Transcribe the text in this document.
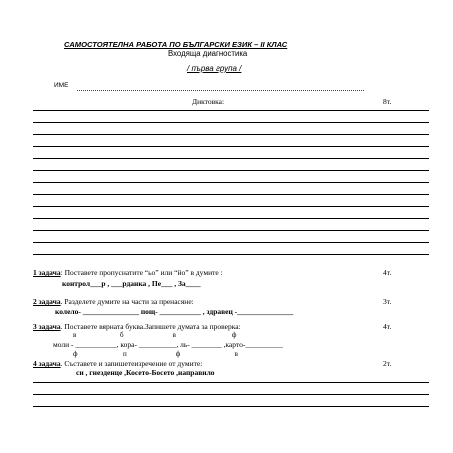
САМОСТОЯТЕЛНА РАБОТА ПО БЪЛГАРСКИ ЕЗИК – II КЛАС
Входяща диагностика
/ първа група /
ИМЕ
Диктовка:	8т.
1 задача: Поставете пропуснатите “ьо” или “йо” в думите :	4т.
контрол___р , ___рданка , Пе___ , За____
2 задача. Разделете думите на части за пренасяне:	3т.
колело- _______________ пощ- ___________ , здравец -_______________
3 задача. Поставете вярната буква.Запишете думата за проверка:	4т.
в                         б                            в                                ф
моли - ___________, кора- __________, ль- ________ ,карто-__________
ф                          п                            ф                               в
4 задача. Съставете и запишетеизречение от думите:	2т.
си , гнезденце ,Косето-Босето ,направило
